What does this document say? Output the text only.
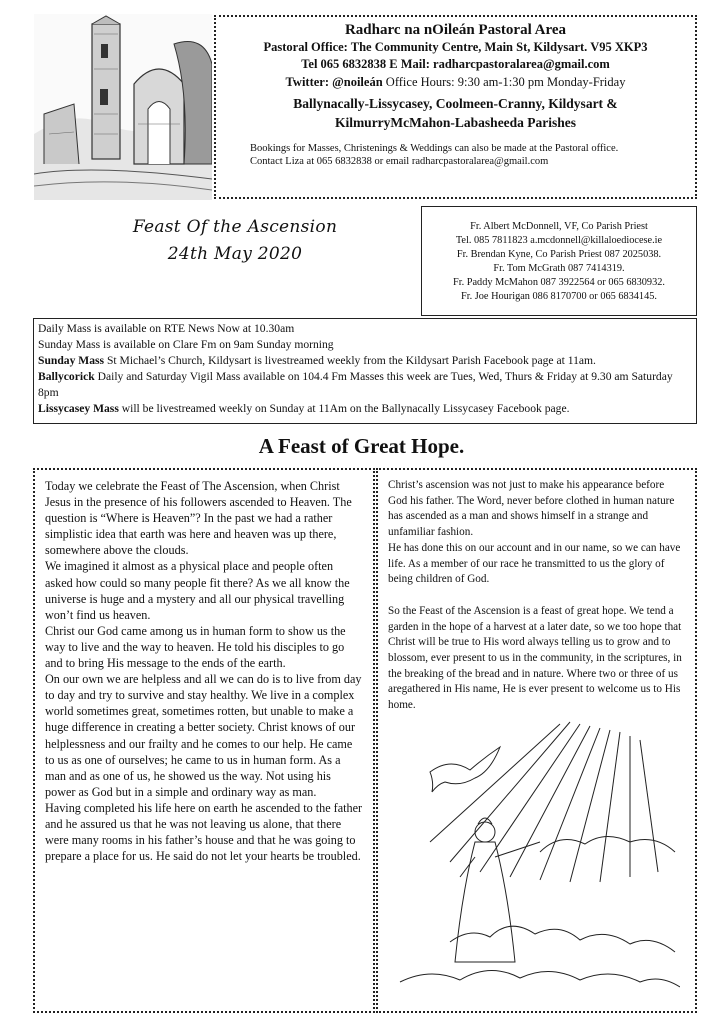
Radharc na nOileán Pastoral Area
Pastoral Office: The Community Centre, Main St, Kildysart. V95 XKP3
Tel 065 6832838 E Mail: radharcpastoralarea@gmail.com
Twitter: @noileán Office Hours: 9:30 am-1:30 pm Monday-Friday
Ballynacally-Lissycasey, Coolmeen-Cranny, Kildysart &
KilmurryMcMahon-Labasheeda Parishes
Bookings for Masses, Christenings & Weddings can also be made at the Pastoral office.
Contact Liza at 065 6832838 or email radharcpastoralarea@gmail.com
Feast Of the Ascension
24th May 2020
Fr. Albert McDonnell, VF, Co Parish Priest
Tel. 085 7811823 a.mcdonnell@killaloediocese.ie
Fr. Brendan Kyne, Co Parish Priest 087 2025038.
Fr. Tom McGrath 087 7414319.
Fr. Paddy McMahon 087 3922564 or 065 6830932.
Fr. Joe Hourigan 086 8170700 or 065 6834145.
Daily Mass is available on RTE News Now at 10.30am
Sunday Mass is available on Clare Fm on 9am Sunday morning
Sunday Mass St Michael’s Church, Kildysart is livestreamed weekly from the Kildysart Parish Facebook page at 11am.
Ballycorick Daily and Saturday Vigil Mass available on 104.4 Fm Masses this week are Tues, Wed, Thurs & Friday at 9.30 am Saturday 8pm
Lissycasey Mass will be livestreamed weekly on Sunday at 11Am on the Ballynacally Lissycasey Facebook page.
A Feast of Great Hope.

Today we celebrate the Feast of The Ascension, when Christ Jesus in the presence of his followers ascended to Heaven. The question is “Where is Heaven”? In the past we had a rather simplistic idea that earth was here and heaven was up there, somewhere above the clouds.

We imagined it almost as a physical place and people often asked how could so many people fit there? As we all know the universe is huge and a mystery and all our physical travelling won’t find us heaven.

Christ our God came among us in human form to show us the way to live and the way to heaven. He told his disciples to go and to bring His message to the ends of the earth.

On our own we are helpless and all we can do is to live from day to day and try to survive and stay healthy. We live in a complex world sometimes great, sometimes rotten, but unable to make a huge difference in creating a better society. Christ knows of our helplessness and our frailty and he comes to our help. He came to us as one of ourselves; he came to us in human form. As a man and as one of us, he showed us the way. Not using his power as God but in a simple and ordinary way as man.

Having completed his life here on earth he ascended to the father and he assured us that he was not leaving us alone, that there were many rooms in his father’s house and that he was going to prepare a place for us. He said do not let your hearts be troubled.

Christ’s ascension was not just to make his appearance before God his father. The Word, never before clothed in human nature has ascended as a man and shows himself in a strange and unfamiliar fashion.

He has done this on our account and in our name, so we can have life. As a member of our race he transmitted to us the glory of being children of God.

So the Feast of the Ascension is a feast of great hope. We tend a garden in the hope of a harvest at a later date, so we too hope that Christ will be true to His word always telling us to grow and to blossom, ever present to us in the community, in the scriptures, in the breaking of the bread and in nature. Where two or three of us aregathered in His name, He is ever present to welcome us to His home.
